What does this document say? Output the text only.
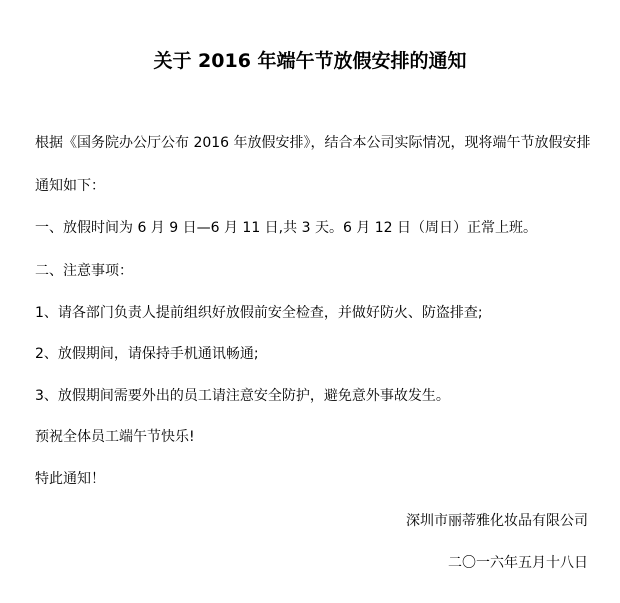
关于 2016 年端午节放假安排的通知
根据《国务院办公厅公布 2016 年放假安排》，结合本公司实际情况，现将端午节放假安排
通知如下：
一、放假时间为 6 月 9 日—6 月 11 日,共 3 天。6 月 12 日（周日）正常上班。
二、注意事项：
1、请各部门负责人提前组织好放假前安全检查，并做好防火、防盗排查;
2、放假期间，请保持手机通讯畅通;
3、放假期间需要外出的员工请注意安全防护，避免意外事故发生。
预祝全体员工端午节快乐!
特此通知！
深圳市丽蒂雅化妆品有限公司
二〇一六年五月十八日
